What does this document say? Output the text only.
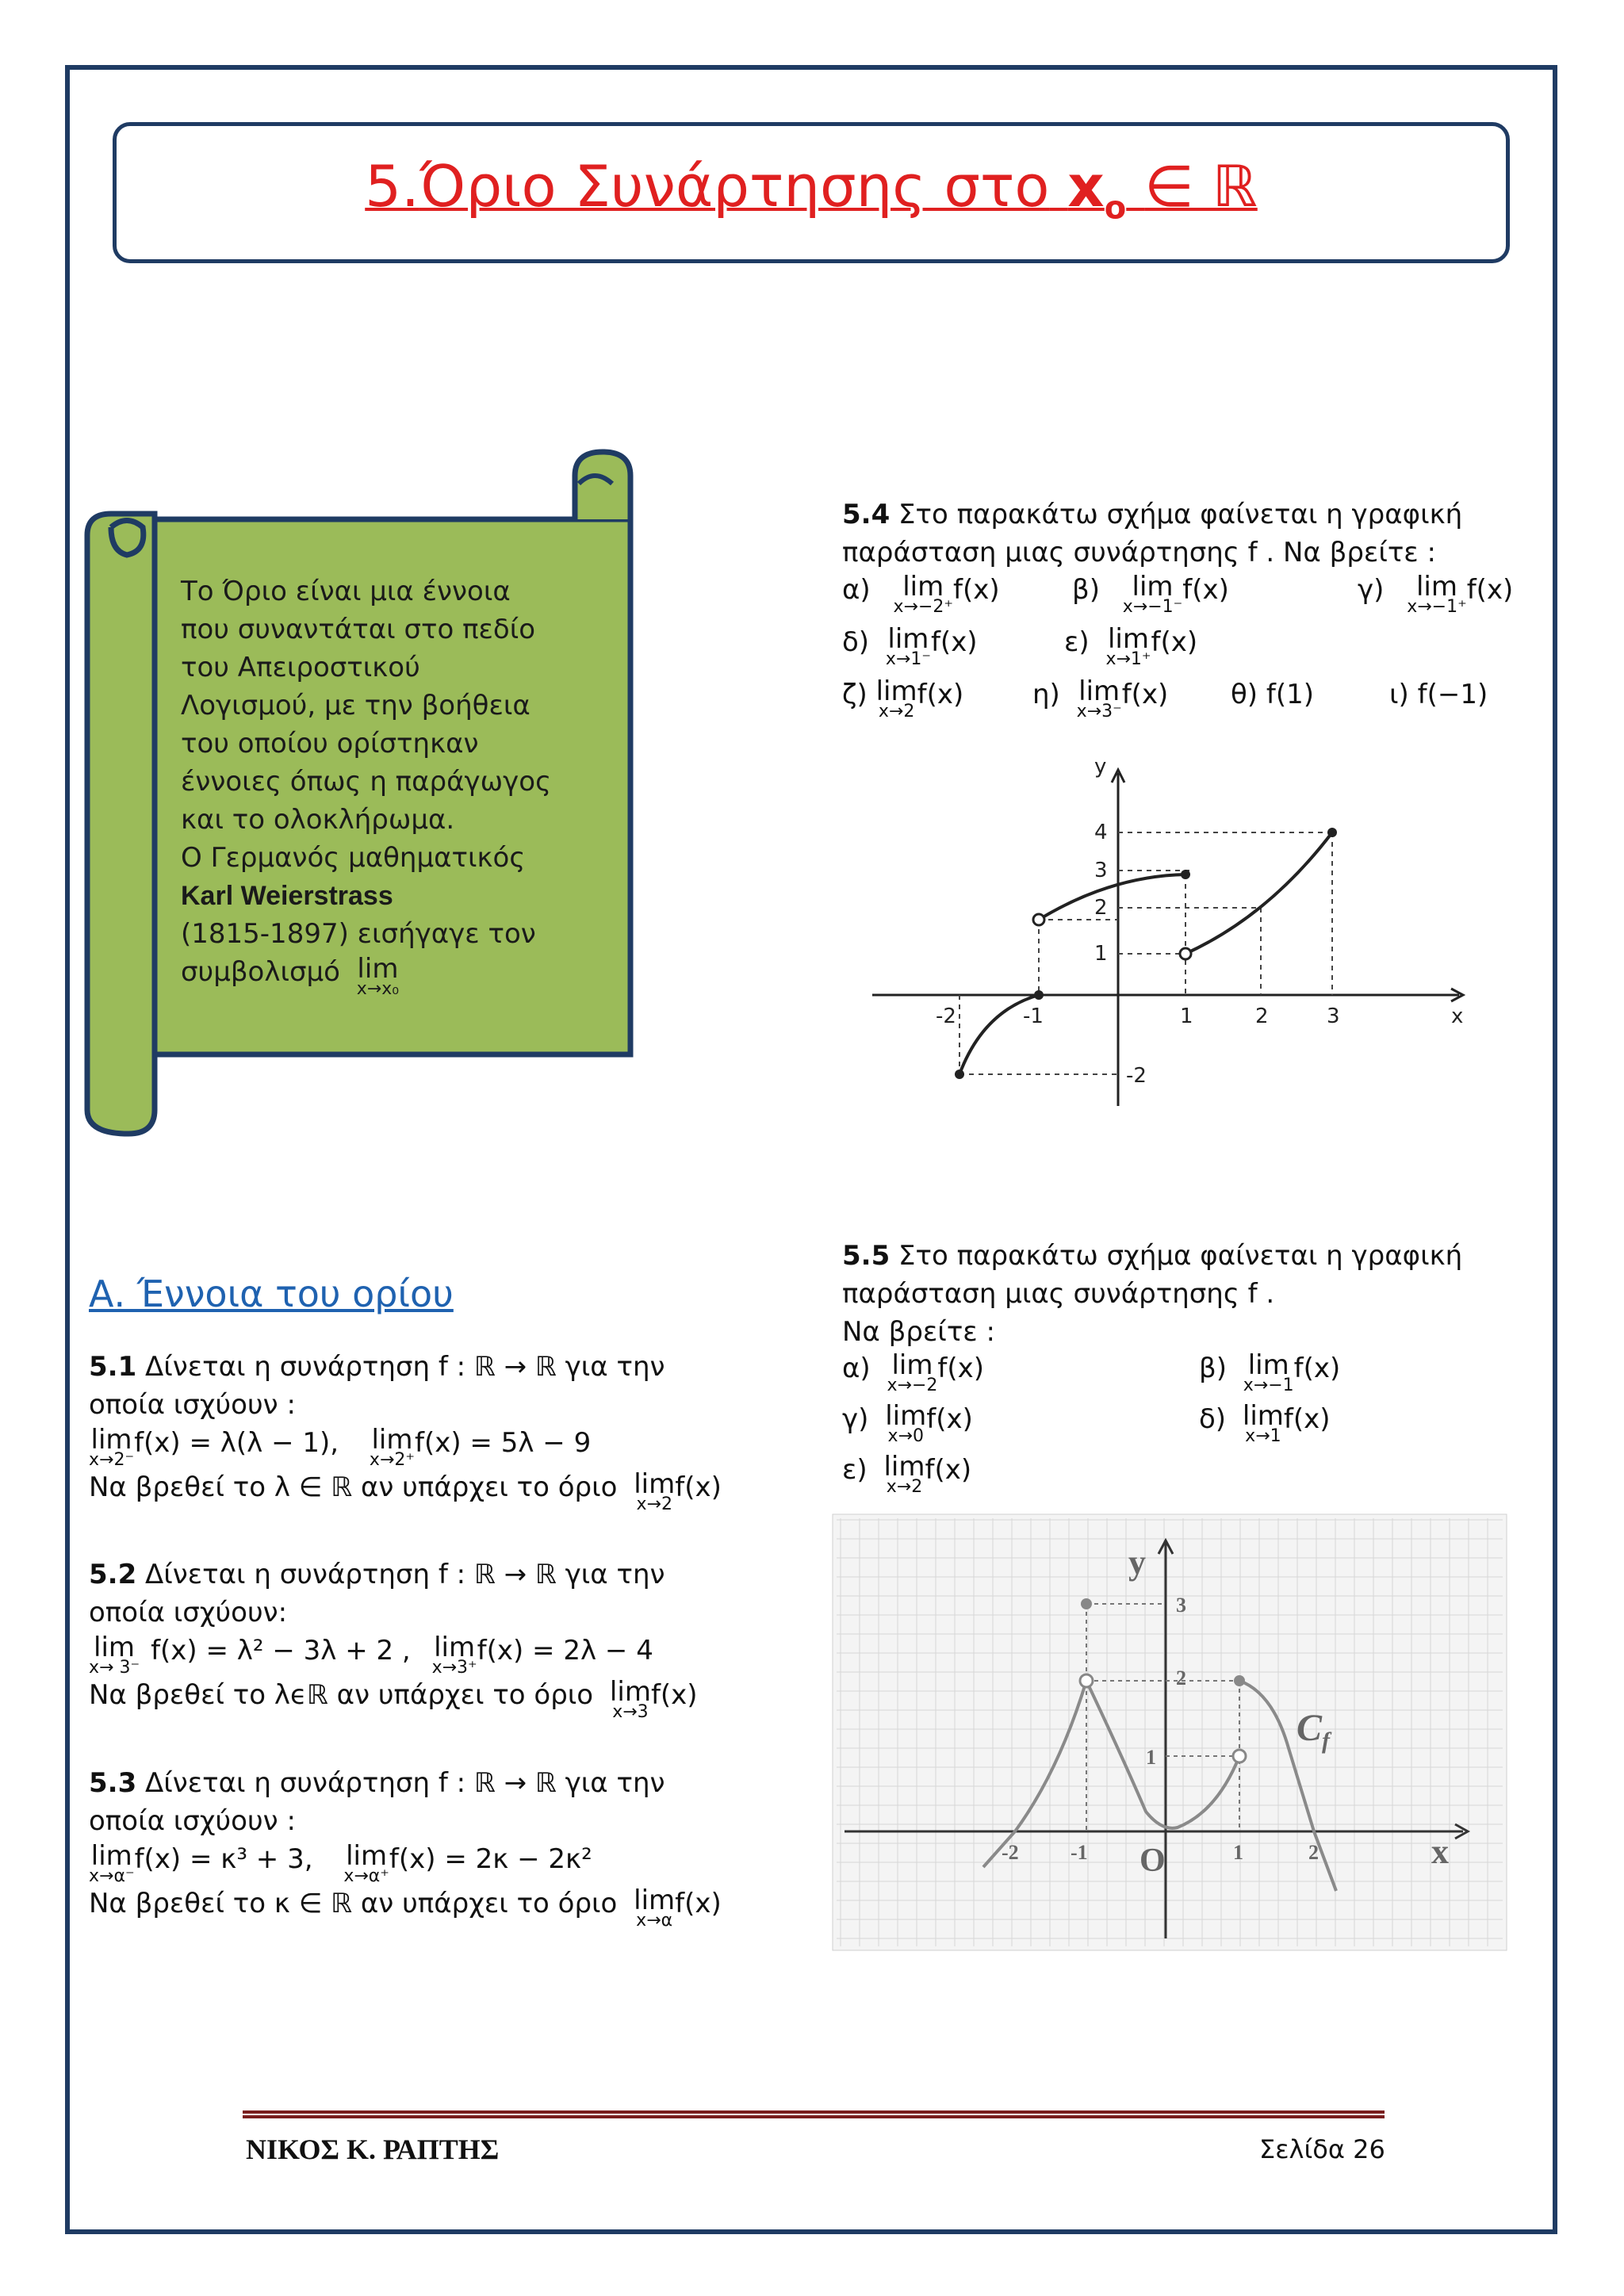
5.Όριο Συνάρτησης στο $x_o$ ∈ ℝ
Το Όριο είναι μια έννοια
που συναντάται στο πεδίο
του Απειροστικού
Λογισμού, με την βοήθεια
του οποίου ορίστηκαν
έννοιες όπως η παράγωγος
και το ολοκλήρωμα.
Ο Γερμανός μαθηματικός
Karl Weierstrass
(1815-1897) εισήγαγε τον
συμβολισμό lim
x→x₀
5.4 Στο παρακάτω σχήμα φαίνεται η γραφική
παράσταση μιας συνάρτησης f . Να βρείτε :
α) lim
x→−2⁺
f(x)	β) lim
x→−1⁻
f(x)	γ) lim
x→−1⁺
f(x)
δ) lim
x→1⁻
f(x)	ε) lim
x→1⁺
f(x)
ζ) lim
x→2
f(x)	η) lim
x→3⁻
f(x) θ) f(1)	ι) f(−1)
y
x
-2	-1	1	2	3
4
3
2
1
-2
5.5 Στο παρακάτω σχήμα φαίνεται η γραφική
παράσταση μιας συνάρτησης f .
Να βρείτε :
α) lim
x→−2
f(x)	β) lim
x→−1
f(x)
γ) lim
x→0
f(x)	δ) lim
x→1
f(x)
ε) lim
x→2
f(x)
y
x
O
-2	-1	1	2
3
2
1
$C_f$
Α. Έννοια του ορίου
5.1 Δίνεται η συνάρτηση f : ℝ → ℝ για την
οποία ισχύουν :
lim
x→2⁻
f(x) = λ(λ − 1), lim
x→2⁺
f(x) = 5λ − 9
Να βρεθεί το λ ∈ ℝ αν υπάρχει το όριο lim
x→2
f(x)
5.2 Δίνεται η συνάρτηση f : ℝ → ℝ για την
οποία ισχύουν:
lim
x→ 3⁻
f(x) = λ² − 3λ + 2 , lim
x→3⁺
f(x) = 2λ − 4
Να βρεθεί το λϵℝ αν υπάρχει το όριο lim
x→3
f(x)
5.3 Δίνεται η συνάρτηση f : ℝ → ℝ για την
οποία ισχύουν :
lim
x→α⁻
f(x) = κ³ + 3, lim
x→α⁺
f(x) = 2κ − 2κ²
Να βρεθεί το κ ∈ ℝ αν υπάρχει το όριο lim
x→α
f(x)
ΝΙΚΟΣ Κ. ΡΑΠΤΗΣ	Σελίδα 26
